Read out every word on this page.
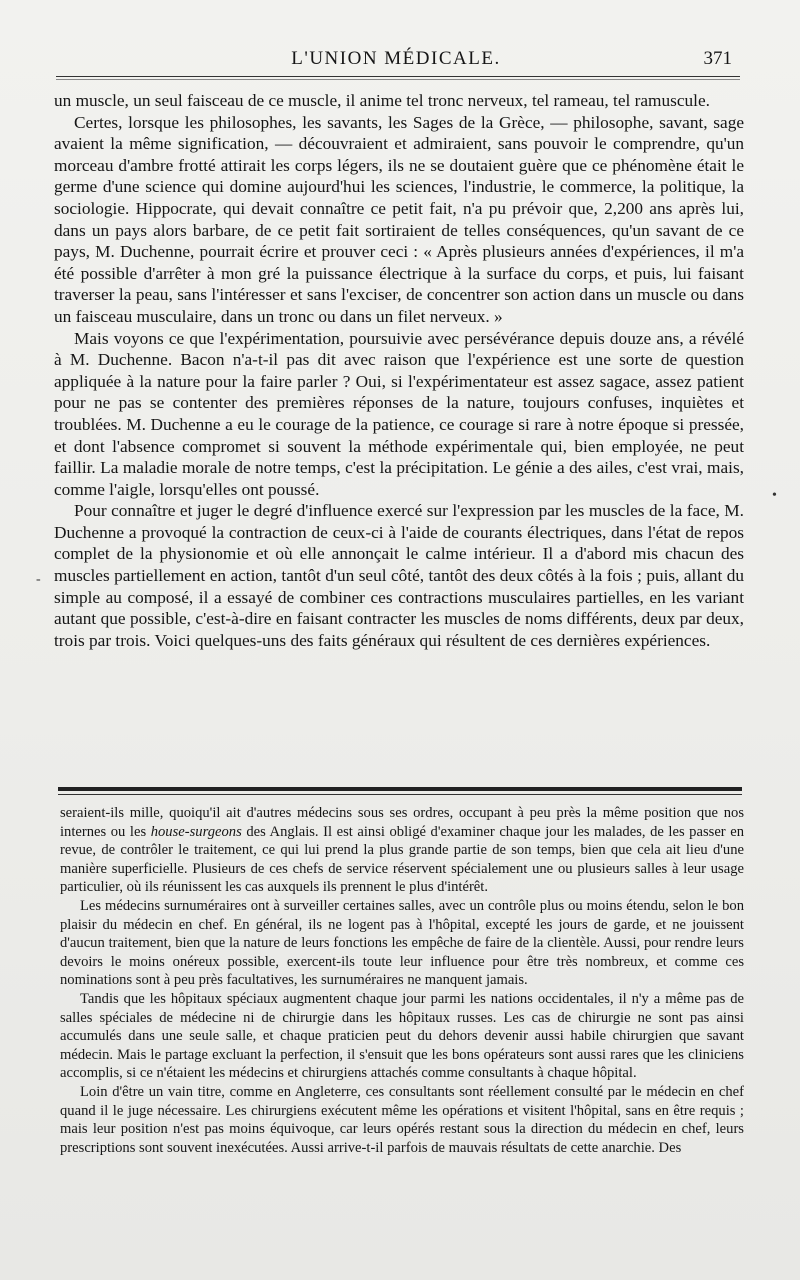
L'UNION MÉDICALE.	371

un muscle, un seul faisceau de ce muscle, il anime tel tronc nerveux, tel rameau, tel ramuscule.

Certes, lorsque les philosophes, les savants, les Sages de la Grèce, — philosophe, savant, sage avaient la même signification, — découvraient et admiraient, sans pouvoir le comprendre, qu'un morceau d'ambre frotté attirait les corps légers, ils ne se doutaient guère que ce phénomène était le germe d'une science qui domine aujourd'hui les sciences, l'industrie, le commerce, la politique, la sociologie. Hippocrate, qui devait connaître ce petit fait, n'a pu prévoir que, 2,200 ans après lui, dans un pays alors barbare, de ce petit fait sortiraient de telles conséquences, qu'un savant de ce pays, M. Duchenne, pourrait écrire et prouver ceci : « Après plusieurs années d'expériences, il m'a été possible d'arrêter à mon gré la puissance électrique à la surface du corps, et puis, lui faisant traverser la peau, sans l'intéresser et sans l'exciser, de concentrer son action dans un muscle ou dans un faisceau musculaire, dans un tronc ou dans un filet nerveux. »

Mais voyons ce que l'expérimentation, poursuivie avec persévérance depuis douze ans, a révélé à M. Duchenne. Bacon n'a-t-il pas dit avec raison que l'expérience est une sorte de question appliquée à la nature pour la faire parler ? Oui, si l'expérimentateur est assez sagace, assez patient pour ne pas se contenter des premières réponses de la nature, toujours confuses, inquiètes et troublées. M. Duchenne a eu le courage de la patience, ce courage si rare à notre époque si pressée, et dont l'absence compromet si souvent la méthode expérimentale qui, bien employée, ne peut faillir. La maladie morale de notre temps, c'est la précipitation. Le génie a des ailes, c'est vrai, mais, comme l'aigle, lorsqu'elles ont poussé.

Pour connaître et juger le degré d'influence exercé sur l'expression par les muscles de la face, M. Duchenne a provoqué la contraction de ceux-ci à l'aide de courants électriques, dans l'état de repos complet de la physionomie et où elle annonçait le calme intérieur. Il a d'abord mis chacun des muscles partiellement en action, tantôt d'un seul côté, tantôt des deux côtés à la fois ; puis, allant du simple au composé, il a essayé de combiner ces contractions musculaires partielles, en les variant autant que possible, c'est-à-dire en faisant contracter les muscles de noms différents, deux par deux, trois par trois. Voici quelques-uns des faits généraux qui résultent de ces dernières expériences.

seraient-ils mille, quoiqu'il ait d'autres médecins sous ses ordres, occupant à peu près la même position que nos internes ou les house-surgeons des Anglais. Il est ainsi obligé d'examiner chaque jour les malades, de les passer en revue, de contrôler le traitement, ce qui lui prend la plus grande partie de son temps, bien que cela ait lieu d'une manière superficielle. Plusieurs de ces chefs de service réservent spécialement une ou plusieurs salles à leur usage particulier, où ils réunissent les cas auxquels ils prennent le plus d'intérêt.

Les médecins surnuméraires ont à surveiller certaines salles, avec un contrôle plus ou moins étendu, selon le bon plaisir du médecin en chef. En général, ils ne logent pas à l'hôpital, excepté les jours de garde, et ne jouissent d'aucun traitement, bien que la nature de leurs fonctions les empêche de faire de la clientèle. Aussi, pour rendre leurs devoirs le moins onéreux possible, exercent-ils toute leur influence pour être très nombreux, et comme ces nominations sont à peu près facultatives, les surnuméraires ne manquent jamais.

Tandis que les hôpitaux spéciaux augmentent chaque jour parmi les nations occidentales, il n'y a même pas de salles spéciales de médecine ni de chirurgie dans les hôpitaux russes. Les cas de chirurgie ne sont pas ainsi accumulés dans une seule salle, et chaque praticien peut du dehors devenir aussi habile chirurgien que savant médecin. Mais le partage excluant la perfection, il s'ensuit que les bons opérateurs sont aussi rares que les cliniciens accomplis, si ce n'étaient les médecins et chirurgiens attachés comme consultants à chaque hôpital.

Loin d'être un vain titre, comme en Angleterre, ces consultants sont réellement consulté par le médecin en chef quand il le juge nécessaire. Les chirurgiens exécutent même les opérations et visitent l'hôpital, sans en être requis ; mais leur position n'est pas moins équivoque, car leurs opérés restant sous la direction du médecin en chef, leurs prescriptions sont souvent inexécutées. Aussi arrive-t-il parfois de mauvais résultats de cette anarchie. Des

•
-
